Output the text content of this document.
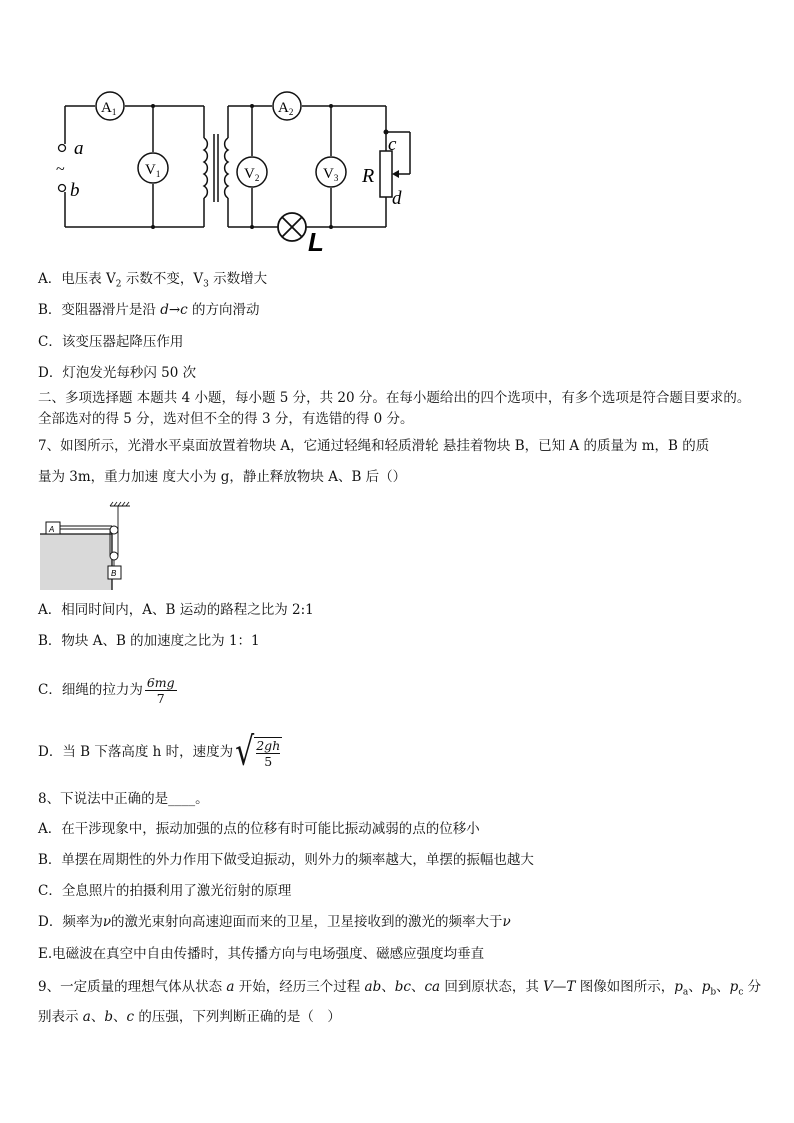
a
~
b
$A_1$	$A_2$
$V_1$	$V_2$	$V_3$
L
R
c
d
A．电压表 $V_2$ 示数不变，$V_3$ 示数增大
B．变阻器滑片是沿 d→c 的方向滑动
C．该变压器起降压作用
D．灯泡发光每秒闪 50 次
二、多项选择题 本题共 4 小题，每小题 5 分，共 20 分。在每小题给出的四个选项中，有多个选项是符合题目要求的。
全部选对的得 5 分，选对但不全的得 3 分，有选错的得 0 分。
7、如图所示，光滑水平桌面放置着物块 A，它通过轻绳和轻质滑轮 悬挂着物块 B，已知 A 的质量为 m，B 的质
量为 3m，重力加速 度大小为 g，静止释放物块 A、B 后（）
A
B
A．相同时间内，A、B 运动的路程之比为 2:1
B．物块 A、B 的加速度之比为 1：1
C．细绳的拉力为 $\frac{6mg}{7}$
D．当 B 下落高度 h 时，速度为 √ $\frac{2gh}{5}$
8、下说法中正确的是____。
A．在干涉现象中，振动加强的点的位移有时可能比振动减弱的点的位移小
B．单摆在周期性的外力作用下做受迫振动，则外力的频率越大，单摆的振幅也越大
C．全息照片的拍摄利用了激光衍射的原理
D．频率为ν的激光束射向高速迎面而来的卫星，卫星接收到的激光的频率大于ν
E.电磁波在真空中自由传播时，其传播方向与电场强度、磁感应强度均垂直
9、一定质量的理想气体从状态 a 开始，经历三个过程 ab、bc、ca 回到原状态，其 V—T 图像如图所示，$p_a$、$p_b$、$p_c$ 分
别表示 a、b、c 的压强，下列判断正确的是（　）
